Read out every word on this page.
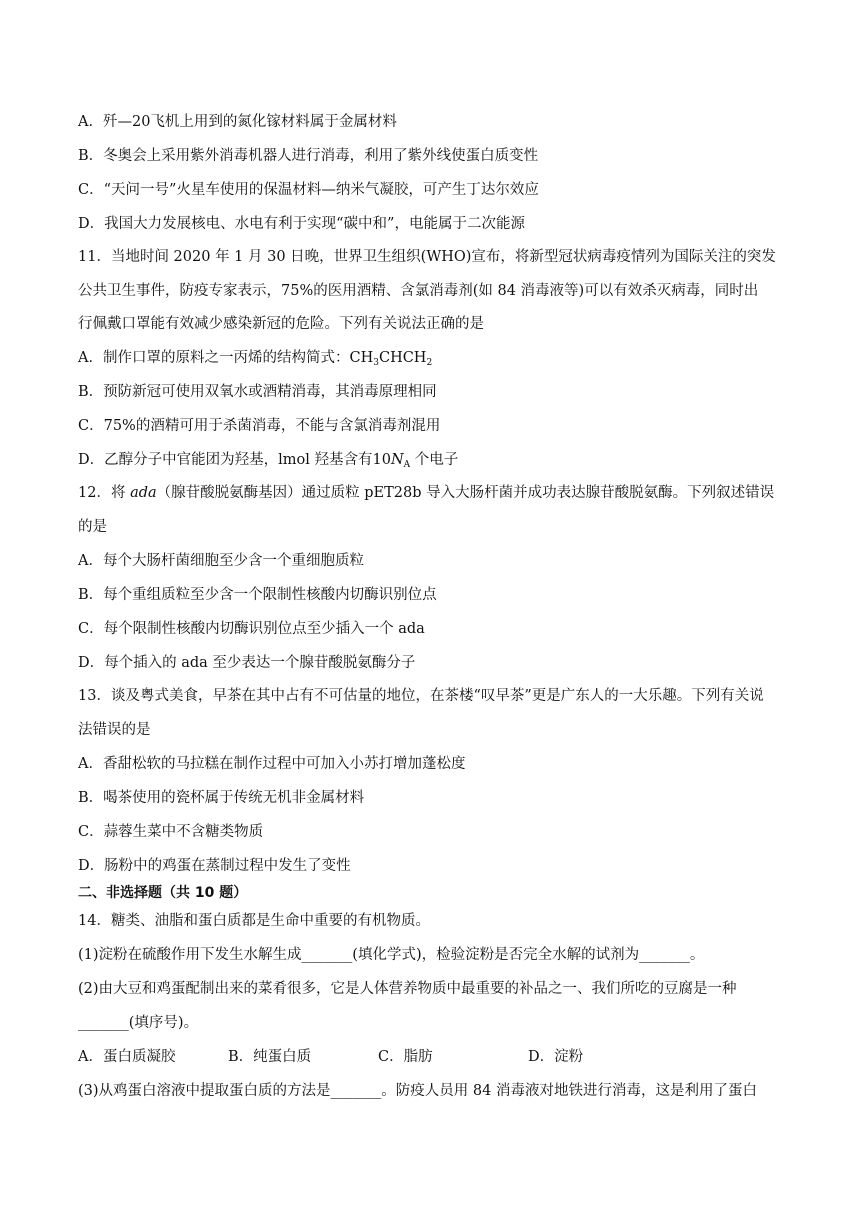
A．歼—20飞机上用到的氮化镓材料属于金属材料
B．冬奥会上采用紫外消毒机器人进行消毒，利用了紫外线使蛋白质变性
C．“天问一号”火星车使用的保温材料—纳米气凝胶，可产生丁达尔效应
D．我国大力发展核电、水电有利于实现“碳中和”，电能属于二次能源
11．当地时间 2020 年 1 月 30 日晚，世界卫生组织(WHO)宣布，将新型冠状病毒疫情列为国际关注的突发
公共卫生事件，防疫专家表示，75%的医用酒精、含氯消毒剂(如 84 消毒液等)可以有效杀灭病毒，同时出
行佩戴口罩能有效减少感染新冠的危险。下列有关说法正确的是
A．制作口罩的原料之一丙烯的结构简式：$CH_3CHCH_2$
B．预防新冠可使用双氧水或酒精消毒，其消毒原理相同
C．75%的酒精可用于杀菌消毒，不能与含氯消毒剂混用
D．乙醇分子中官能团为羟基，lmol 羟基含有$10N_A$ 个电子
12．将 ada（腺苷酸脱氨酶基因）通过质粒 pET28b 导入大肠杆菌并成功表达腺苷酸脱氨酶。下列叙述错误
的是
A．每个大肠杆菌细胞至少含一个重细胞质粒
B．每个重组质粒至少含一个限制性核酸内切酶识别位点
C．每个限制性核酸内切酶识别位点至少插入一个 ada
D．每个插入的 ada 至少表达一个腺苷酸脱氨酶分子
13．谈及粤式美食，早茶在其中占有不可估量的地位，在茶楼“叹早茶”更是广东人的一大乐趣。下列有关说
法错误的是
A．香甜松软的马拉糕在制作过程中可加入小苏打增加蓬松度
B．喝茶使用的瓷杯属于传统无机非金属材料
C．蒜蓉生菜中不含糖类物质
D．肠粉中的鸡蛋在蒸制过程中发生了变性
二、非选择题（共 10 题）
14．糖类、油脂和蛋白质都是生命中重要的有机物质。
(1)淀粉在硫酸作用下发生水解生成_______(填化学式)，检验淀粉是否完全水解的试剂为_______。
(2)由大豆和鸡蛋配制出来的菜肴很多，它是人体营养物质中最重要的补品之一、我们所吃的豆腐是一种
_______(填序号)。
A．蛋白质凝胶	B．纯蛋白质	C．脂肪	D．淀粉
(3)从鸡蛋白溶液中提取蛋白质的方法是_______。防疫人员用 84 消毒液对地铁进行消毒，这是利用了蛋白
